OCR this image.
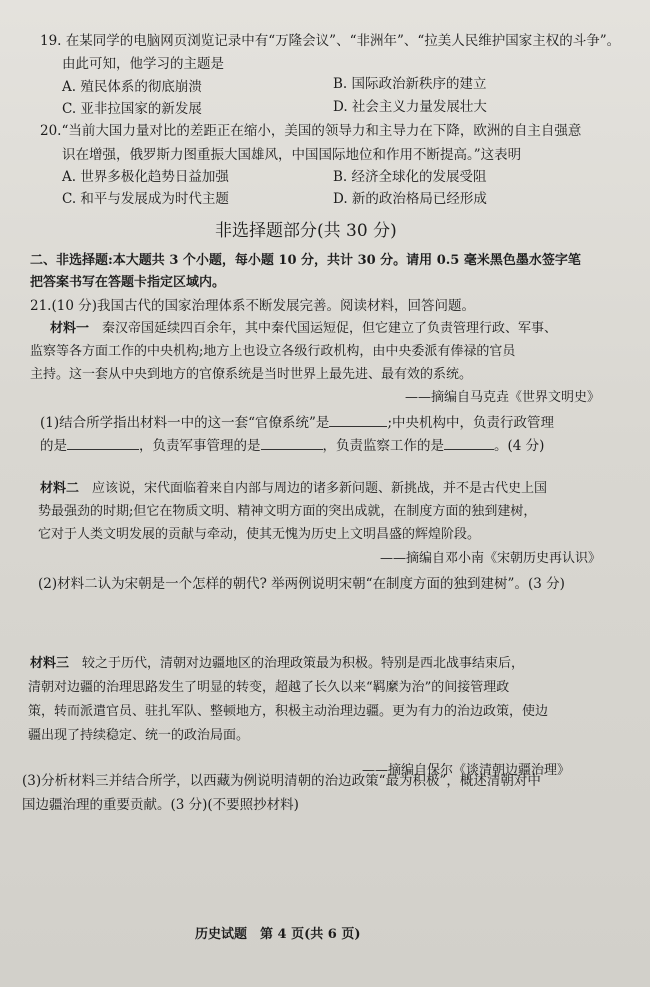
19. 在某同学的电脑网页浏览记录中有“万隆会议”、“非洲年”、“拉美人民维护国家主权的斗争”。
由此可知，他学习的主题是
A. 殖民体系的彻底崩溃	B. 国际政治新秩序的建立
C. 亚非拉国家的新发展	D. 社会主义力量发展壮大
20.“当前大国力量对比的差距正在缩小，美国的领导力和主导力在下降，欧洲的自主自强意
识在增强，俄罗斯力图重振大国雄风，中国国际地位和作用不断提高。”这表明
A. 世界多极化趋势日益加强	B. 经济全球化的发展受阻
C. 和平与发展成为时代主题	D. 新的政治格局已经形成
非选择题部分(共 30 分)
二、非选择题:本大题共 3 个小题，每小题 10 分，共计 30 分。请用 0.5 毫米黑色墨水签字笔
把答案书写在答题卡指定区域内。
21.(10 分)我国古代的国家治理体系不断发展完善。阅读材料，回答问题。
材料一　 秦汉帝国延续四百余年，其中秦代国运短促，但它建立了负责管理行政、军事、
监察等各方面工作的中央机构;地方上也设立各级行政机构，由中央委派有俸禄的官员
主持。这一套从中央到地方的官僚系统是当时世界上最先进、最有效的系统。
——摘编自马克垚《世界文明史》
(1)结合所学指出材料一中的这一套“官僚系统”是	;中央机构中，负责行政管理
的是	，负责军事管理的是	，负责监察工作的是	。(4 分)
材料二　 应该说，宋代面临着来自内部与周边的诸多新问题、新挑战，并不是古代史上国
势最强劲的时期;但它在物质文明、精神文明方面的突出成就，在制度方面的独到建树，
它对于人类文明发展的贡献与牵动，使其无愧为历史上文明昌盛的辉煌阶段。
——摘编自邓小南《宋朝历史再认识》
(2)材料二认为宋朝是一个怎样的朝代? 举两例说明宋朝“在制度方面的独到建树”。(3 分)
材料三　 较之于历代，清朝对边疆地区的治理政策最为积极。特别是西北战事结束后，
清朝对边疆的治理思路发生了明显的转变，超越了长久以来“羁縻为治”的间接管理政
策，转而派遣官员、驻扎军队、整顿地方，积极主动治理边疆。更为有力的治边政策，使边
疆出现了持续稳定、统一的政治局面。
——摘编自保尔《谈清朝边疆治理》
(3)分析材料三并结合所学，以西藏为例说明清朝的治边政策“最为积极”，概述清朝对中
国边疆治理的重要贡献。(3 分)(不要照抄材料)
历史试题　第 4 页(共 6 页)
